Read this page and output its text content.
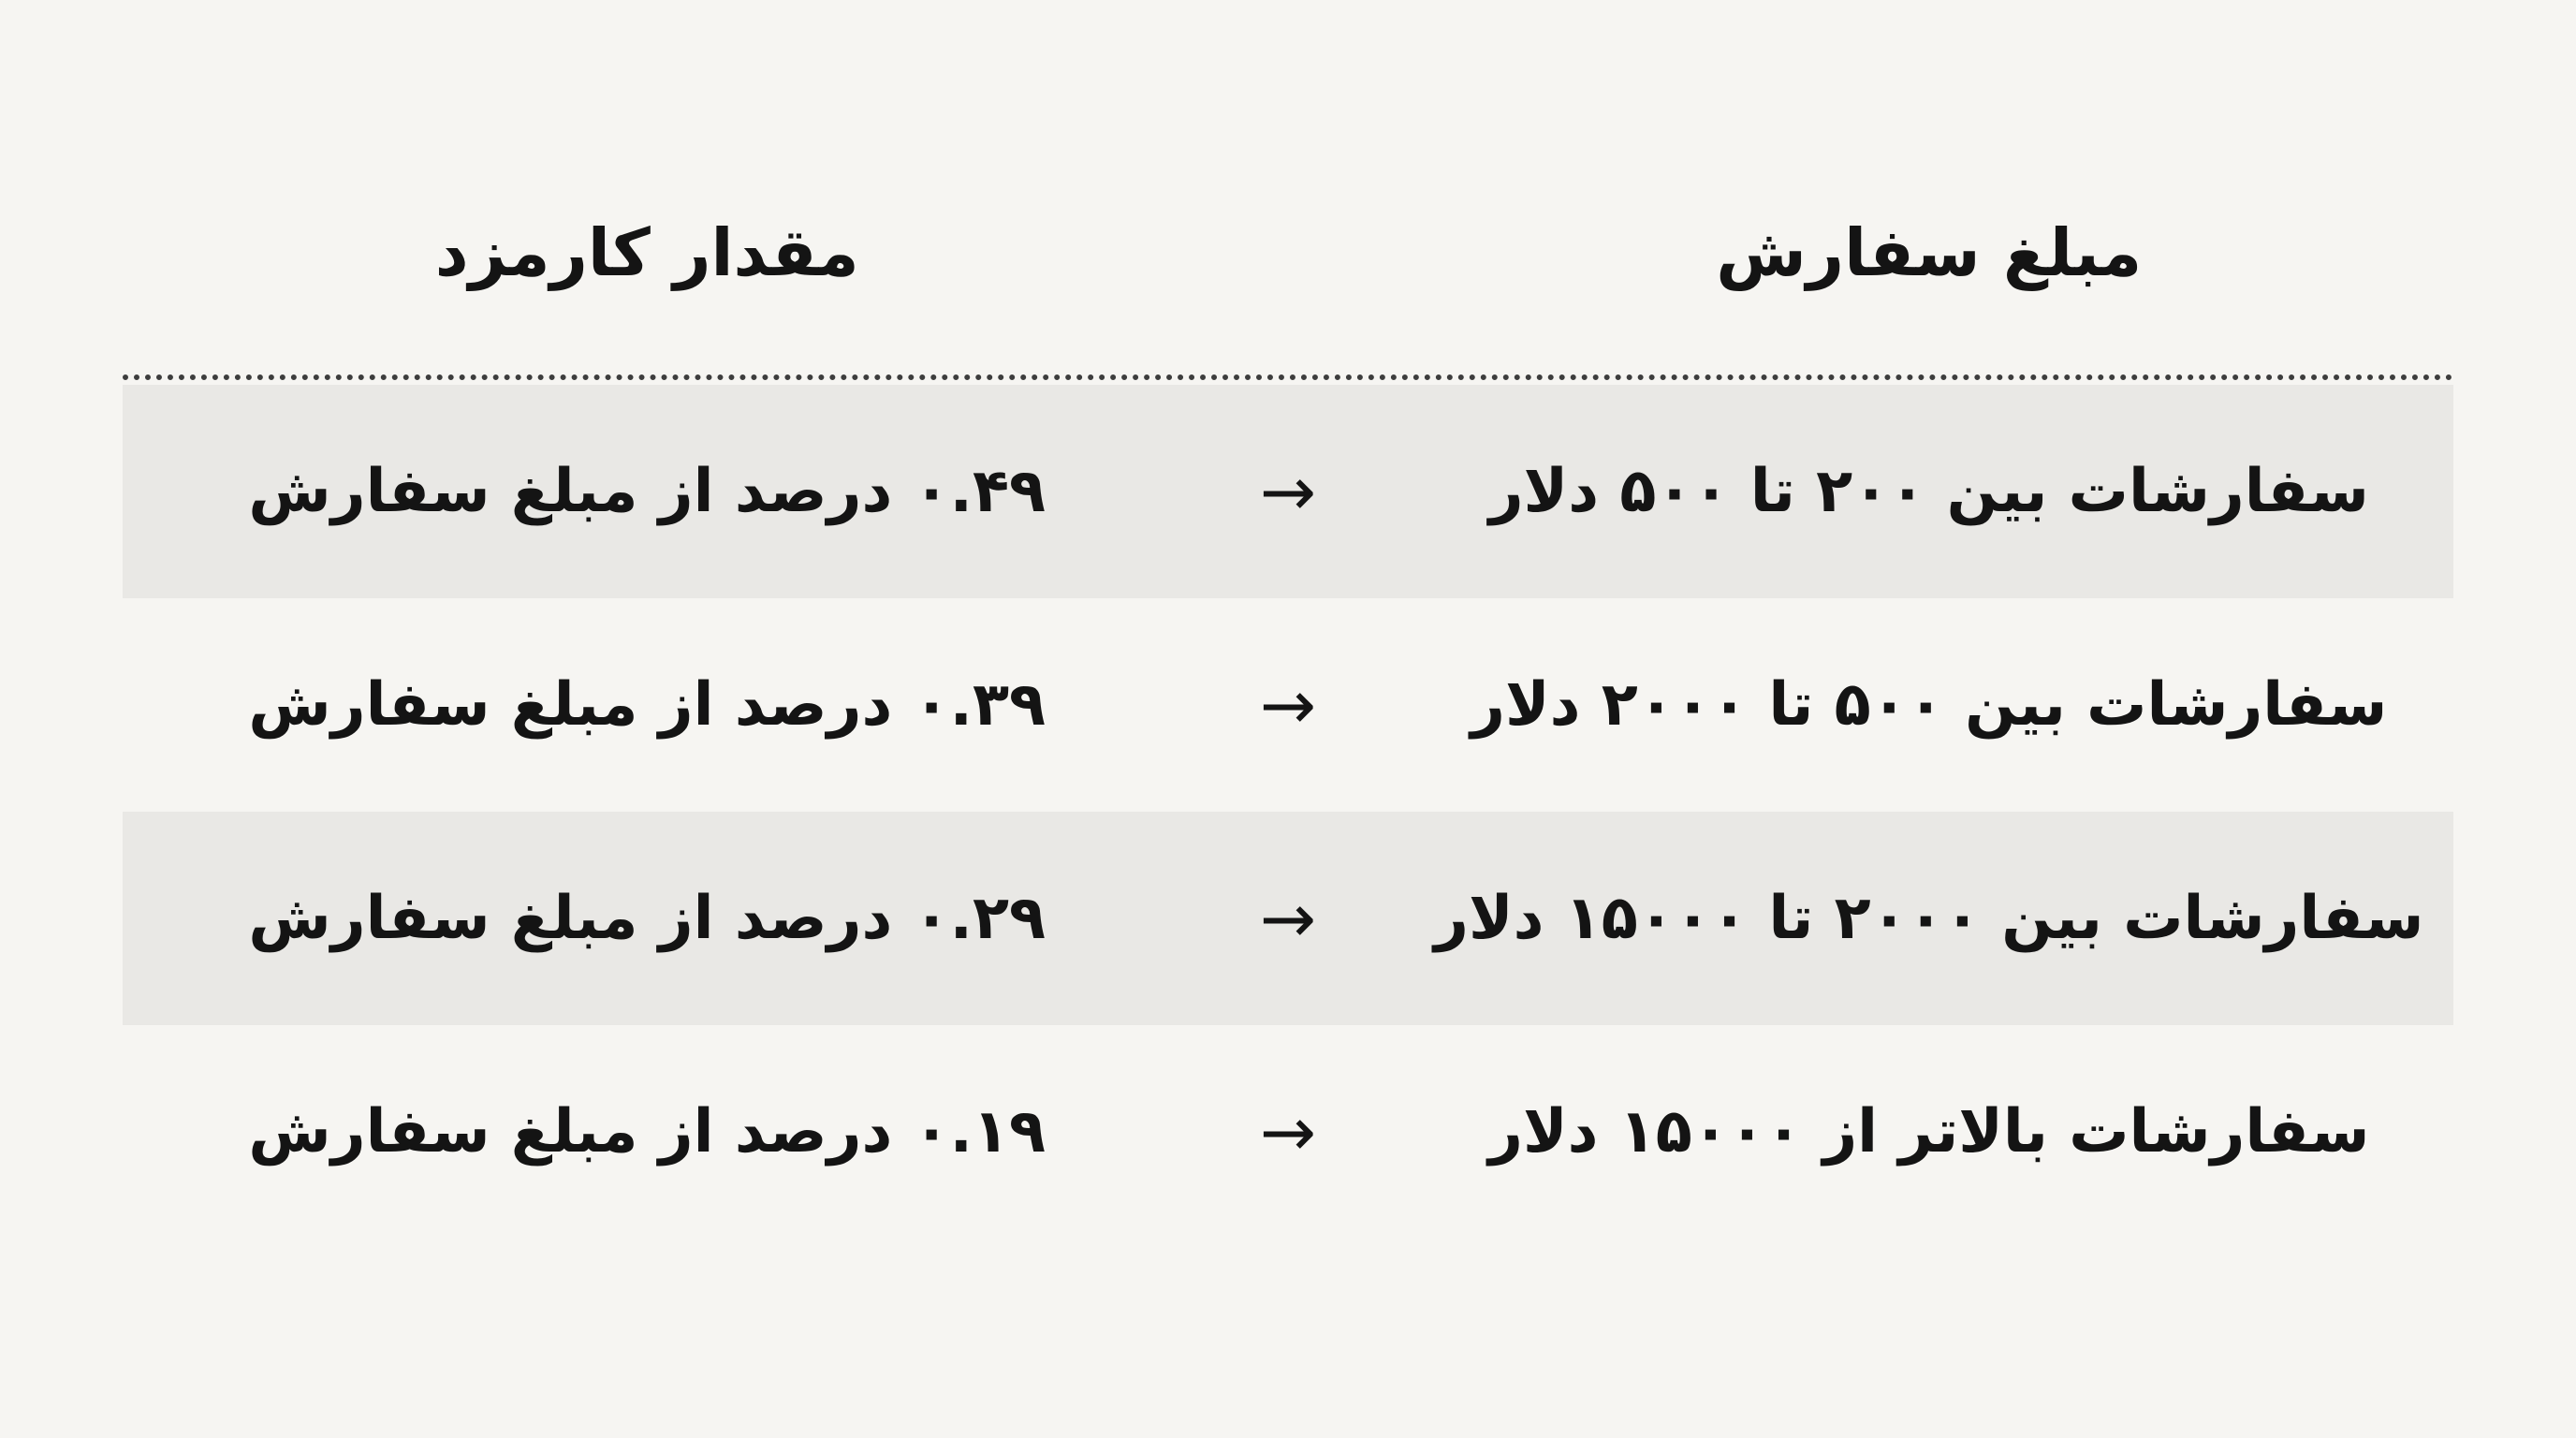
مبلغ سفارش
مقدار کارمزد
سفارشات بین ۲۰۰ تا ۵۰۰ دلار
→
۰.۴۹ درصد از مبلغ سفارش
سفارشات بین ۵۰۰ تا ۲۰۰۰ دلار
→
۰.۳۹ درصد از مبلغ سفارش
سفارشات بین ۲۰۰۰ تا ۱۵۰۰۰ دلار
→
۰.۲۹ درصد از مبلغ سفارش
سفارشات بالاتر از ۱۵۰۰۰ دلار
→
۰.۱۹ درصد از مبلغ سفارش
